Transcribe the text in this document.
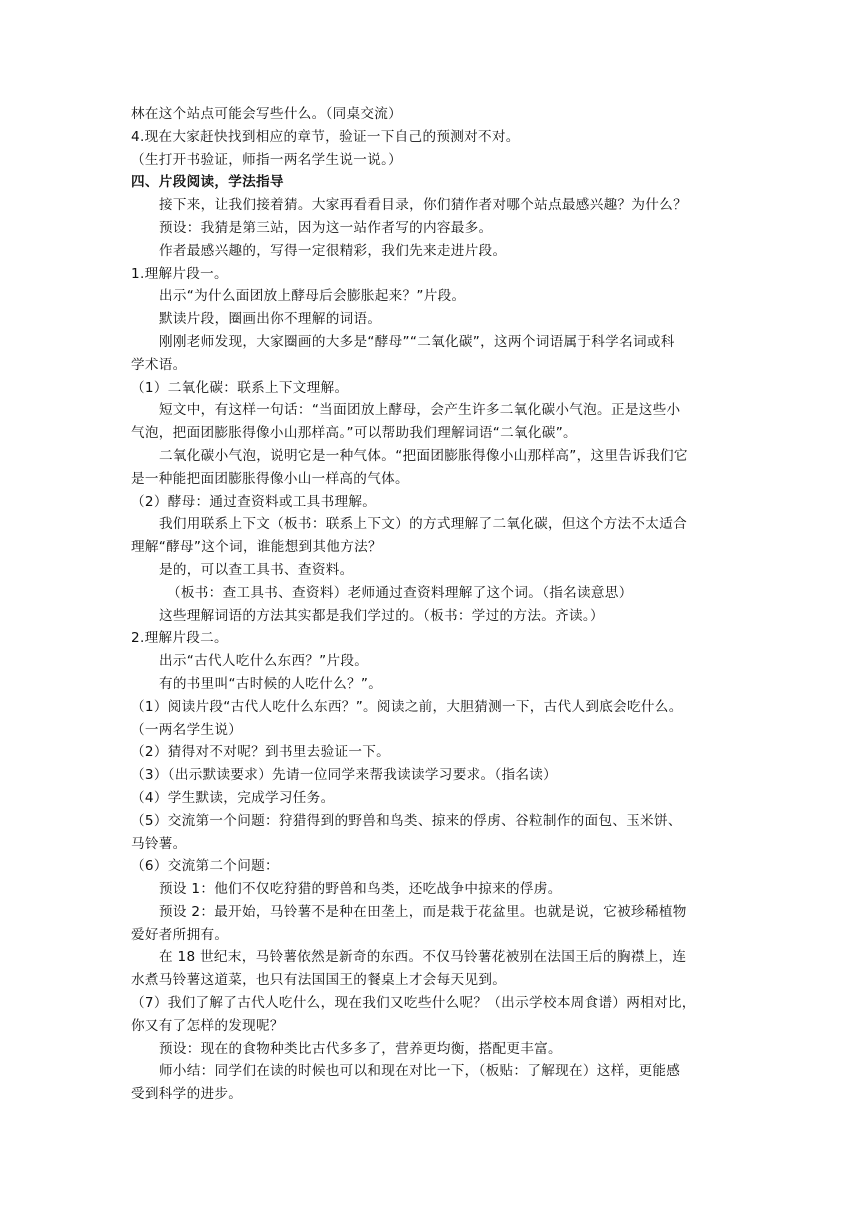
林在这个站点可能会写些什么。（同桌交流）
4.现在大家赶快找到相应的章节，验证一下自己的预测对不对。
（生打开书验证，师指一两名学生说一说。）
四、片段阅读，学法指导
接下来，让我们接着猜。大家再看看目录，你们猜作者对哪个站点最感兴趣？为什么？
预设：我猜是第三站，因为这一站作者写的内容最多。
作者最感兴趣的，写得一定很精彩，我们先来走进片段。
1.理解片段一。
出示“为什么面团放上酵母后会膨胀起来？”片段。
默读片段，圈画出你不理解的词语。
刚刚老师发现，大家圈画的大多是“酵母”“二氧化碳”，这两个词语属于科学名词或科
学术语。
（1）二氧化碳：联系上下文理解。
短文中，有这样一句话：“当面团放上酵母，会产生许多二氧化碳小气泡。正是这些小
气泡，把面团膨胀得像小山那样高。”可以帮助我们理解词语“二氧化碳”。
二氧化碳小气泡，说明它是一种气体。“把面团膨胀得像小山那样高”，这里告诉我们它
是一种能把面团膨胀得像小山一样高的气体。
（2）酵母：通过查资料或工具书理解。
我们用联系上下文（板书：联系上下文）的方式理解了二氧化碳，但这个方法不太适合
理解“酵母”这个词，谁能想到其他方法？
是的，可以查工具书、查资料。
（板书：查工具书、查资料）老师通过查资料理解了这个词。（指名读意思）
这些理解词语的方法其实都是我们学过的。（板书：学过的方法。齐读。）
2.理解片段二。
出示“古代人吃什么东西？”片段。
有的书里叫“古时候的人吃什么？”。
（1）阅读片段“古代人吃什么东西？”。阅读之前，大胆猜测一下，古代人到底会吃什么。
（一两名学生说）
（2）猜得对不对呢？到书里去验证一下。
（3）（出示默读要求）先请一位同学来帮我读读学习要求。（指名读）
（4）学生默读，完成学习任务。
（5）交流第一个问题：狩猎得到的野兽和鸟类、掠来的俘虏、谷粒制作的面包、玉米饼、
马铃薯。
（6）交流第二个问题：
预设 1：他们不仅吃狩猎的野兽和鸟类，还吃战争中掠来的俘虏。
预设 2：最开始，马铃薯不是种在田垄上，而是栽于花盆里。也就是说，它被珍稀植物
爱好者所拥有。
在 18 世纪末，马铃薯依然是新奇的东西。不仅马铃薯花被别在法国王后的胸襟上，连
水煮马铃薯这道菜，也只有法国国王的餐桌上才会每天见到。
（7）我们了解了古代人吃什么，现在我们又吃些什么呢？（出示学校本周食谱）两相对比，
你又有了怎样的发现呢？
预设：现在的食物种类比古代多多了，营养更均衡，搭配更丰富。
师小结：同学们在读的时候也可以和现在对比一下，（板贴：了解现在）这样，更能感
受到科学的进步。
